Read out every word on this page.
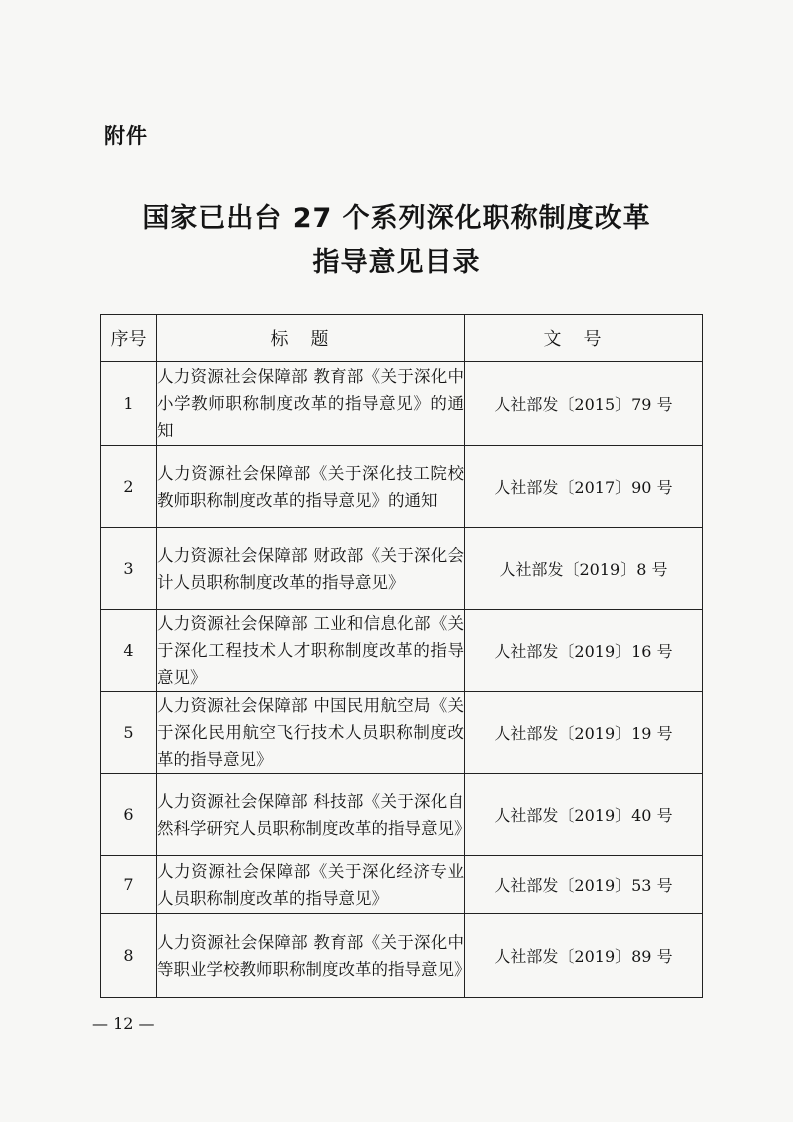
附件
国家已出台 27 个系列深化职称制度改革
指导意见目录
序号	标题	文号
1	人力资源社会保障部 教育部《关于深化中小学教师职称制度改革的指导意见》的通知	人社部发〔2015〕79 号
2	人力资源社会保障部《关于深化技工院校教师职称制度改革的指导意见》的通知	人社部发〔2017〕90 号
3	人力资源社会保障部 财政部《关于深化会计人员职称制度改革的指导意见》	人社部发〔2019〕8 号
4	人力资源社会保障部 工业和信息化部《关于深化工程技术人才职称制度改革的指导意见》	人社部发〔2019〕16 号
5	人力资源社会保障部 中国民用航空局《关于深化民用航空飞行技术人员职称制度改革的指导意见》	人社部发〔2019〕19 号
6	人力资源社会保障部 科技部《关于深化自然科学研究人员职称制度改革的指导意见》	人社部发〔2019〕40 号
7	人力资源社会保障部《关于深化经济专业人员职称制度改革的指导意见》	人社部发〔2019〕53 号
8	人力资源社会保障部 教育部《关于深化中等职业学校教师职称制度改革的指导意见》	人社部发〔2019〕89 号
— 12 —
